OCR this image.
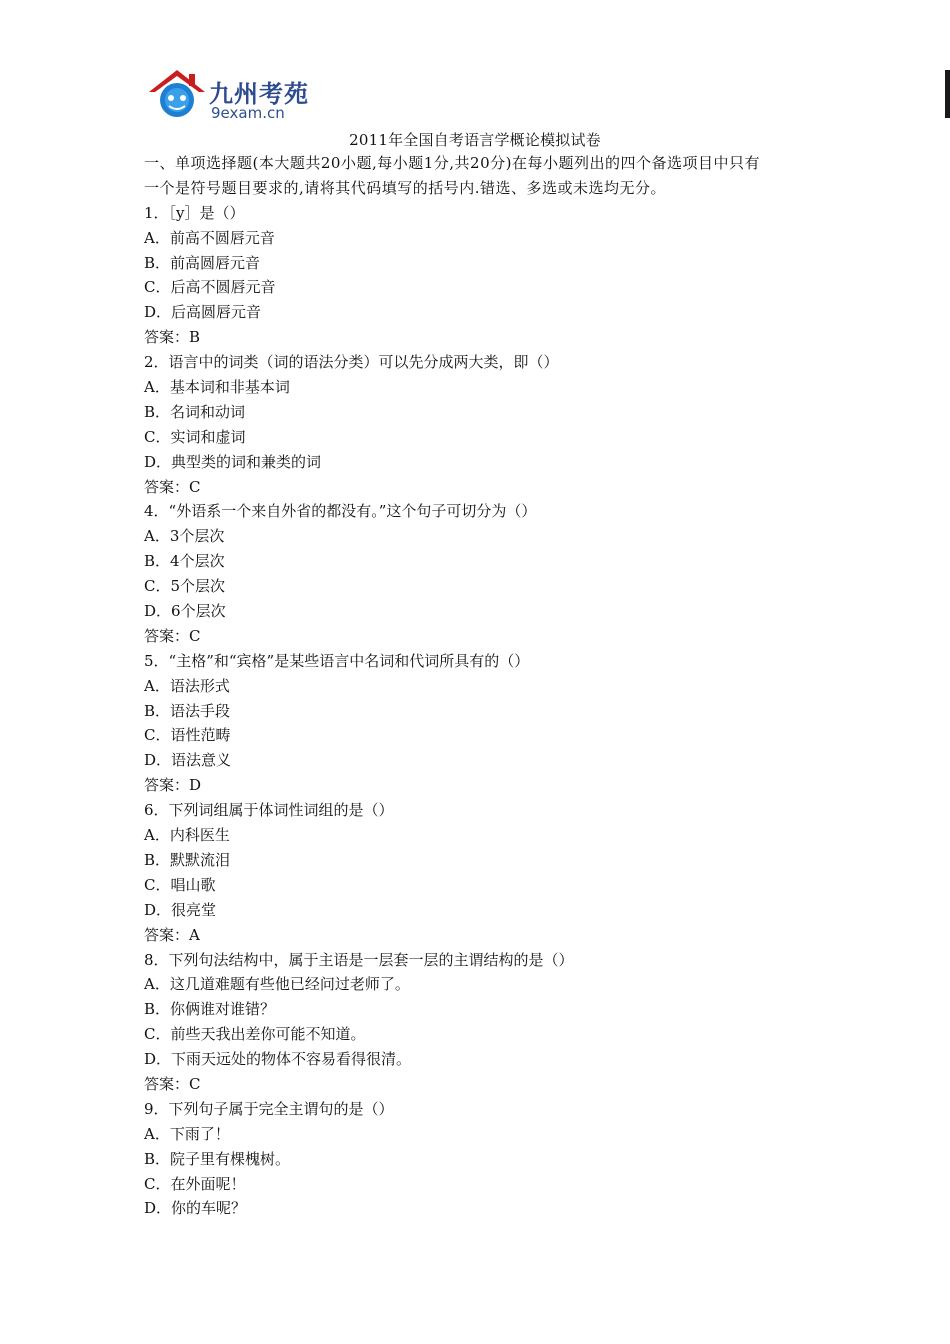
九州考苑
9exam.cn
2011年全国自考语言学概论模拟试卷
一、单项选择题(本大题共20小题,每小题1分,共20分)在每小题列出的四个备选项目中只有
一个是符号题目要求的,请将其代码填写的括号内.错选、多选或未选均无分。
1．［y］是（）
A．前高不圆唇元音
B．前高圆唇元音
C．后高不圆唇元音
D．后高圆唇元音
答案：B
2．语言中的词类（词的语法分类）可以先分成两大类，即（）
A．基本词和非基本词
B．名词和动词
C．实词和虚词
D．典型类的词和兼类的词
答案：C
4．“外语系一个来自外省的都没有。”这个句子可切分为（）
A．3个层次
B．4个层次
C．5个层次
D．6个层次
答案：C
5．“主格”和“宾格”是某些语言中名词和代词所具有的（）
A．语法形式
B．语法手段
C．语性范畴
D．语法意义
答案：D
6．下列词组属于体词性词组的是（）
A．内科医生
B．默默流泪
C．唱山歌
D．很亮堂
答案：A
8．下列句法结构中，属于主语是一层套一层的主谓结构的是（）
A．这几道难题有些他已经问过老师了。
B．你俩谁对谁错？
C．前些天我出差你可能不知道。
D．下雨天远处的物体不容易看得很清。
答案：C
9．下列句子属于完全主谓句的是（）
A．下雨了！
B．院子里有棵槐树。
C．在外面呢！
D．你的车呢？
